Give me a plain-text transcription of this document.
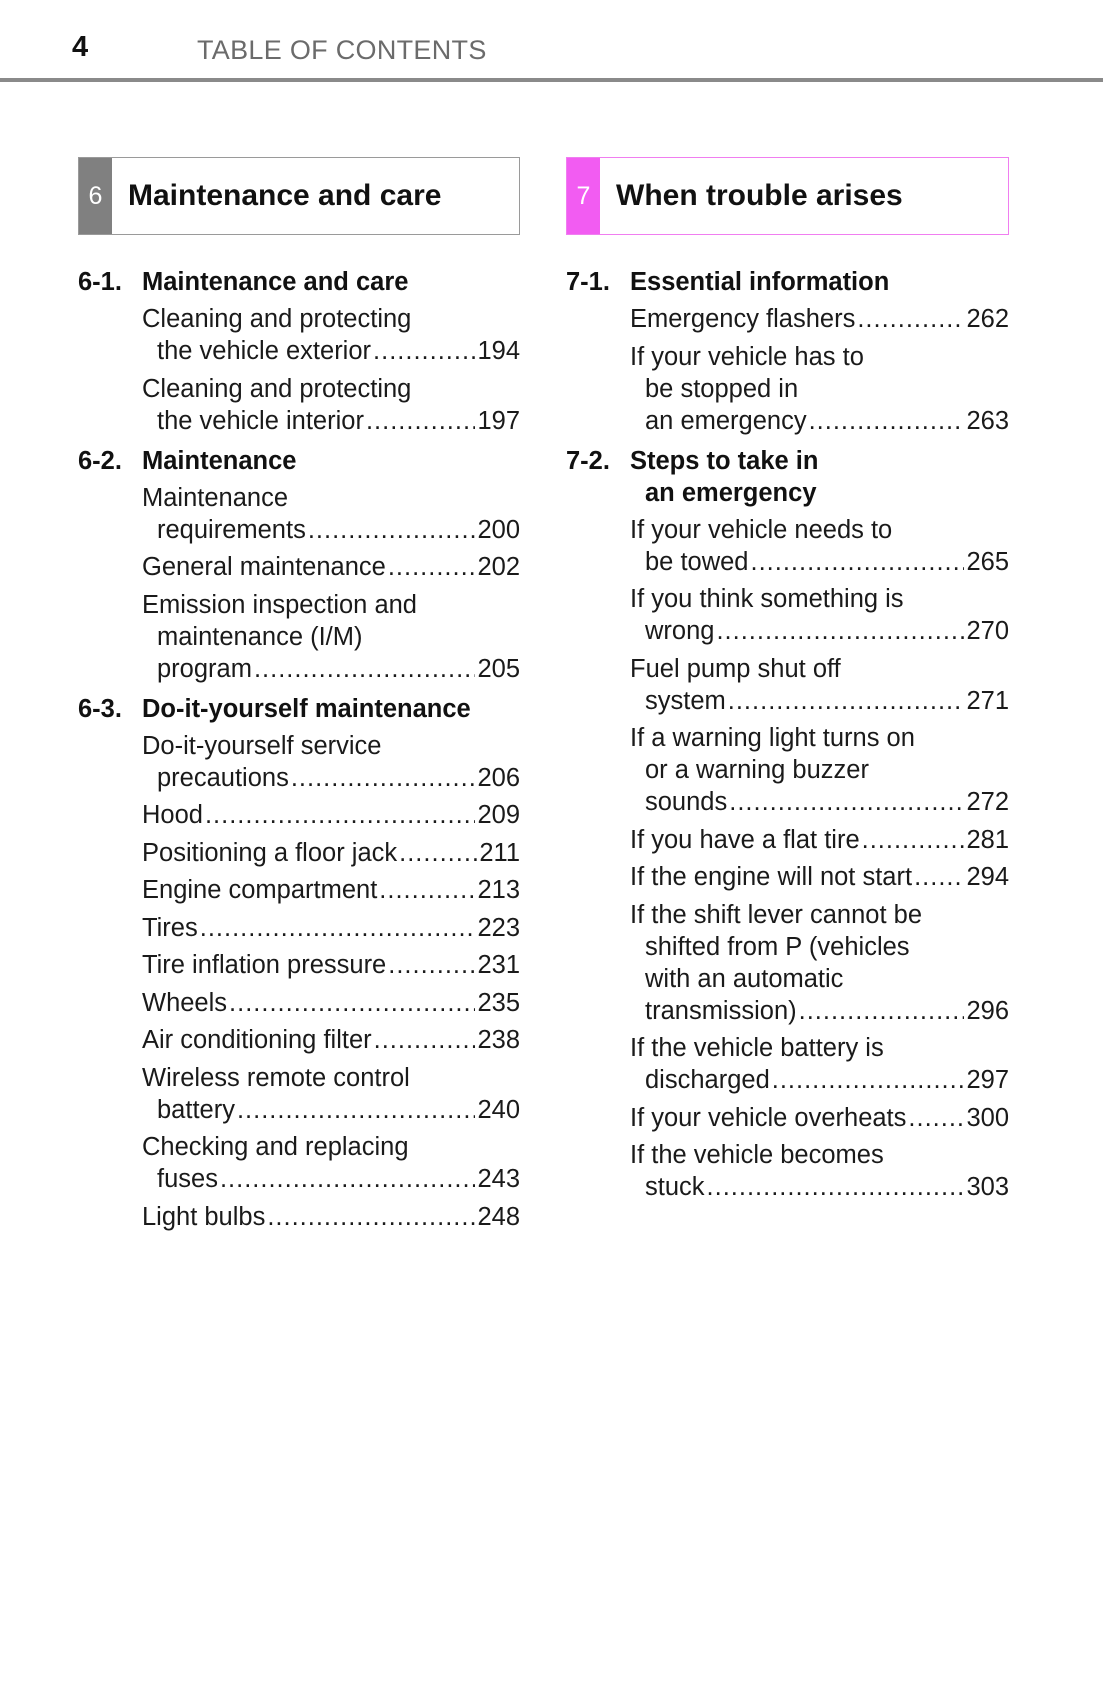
4	TABLE OF CONTENTS
6 Maintenance and care
6-1. Maintenance and care
Cleaning and protecting
the vehicle exterior .....	194
Cleaning and protecting
the vehicle interior .....	197
6-2. Maintenance
Maintenance
requirements .....	200
General maintenance .....	202
Emission inspection and
maintenance (I/M)
program .....	205
6-3. Do-it-yourself maintenance
Do-it-yourself service
precautions .....	206
Hood .....	209
Positioning a floor jack .....	211
Engine compartment .....	213
Tires .....	223
Tire inflation pressure .....	231
Wheels .....	235
Air conditioning filter .....	238
Wireless remote control
battery .....	240
Checking and replacing
fuses .....	243
Light bulbs .....	248
7 When trouble arises
7-1. Essential information
Emergency flashers .....	262
If your vehicle has to
be stopped in
an emergency .....	263
7-2. Steps to take in
an emergency
If your vehicle needs to
be towed .....	265
If you think something is
wrong .....	270
Fuel pump shut off
system .....	271
If a warning light turns on
or a warning buzzer
sounds .....	272
If you have a flat tire .....	281
If the engine will not start ..... 294
If the shift lever cannot be
shifted from P (vehicles
with an automatic
transmission) .....	296
If the vehicle battery is
discharged .....	297
If your vehicle overheats ..... 300
If the vehicle becomes
stuck .....	303
